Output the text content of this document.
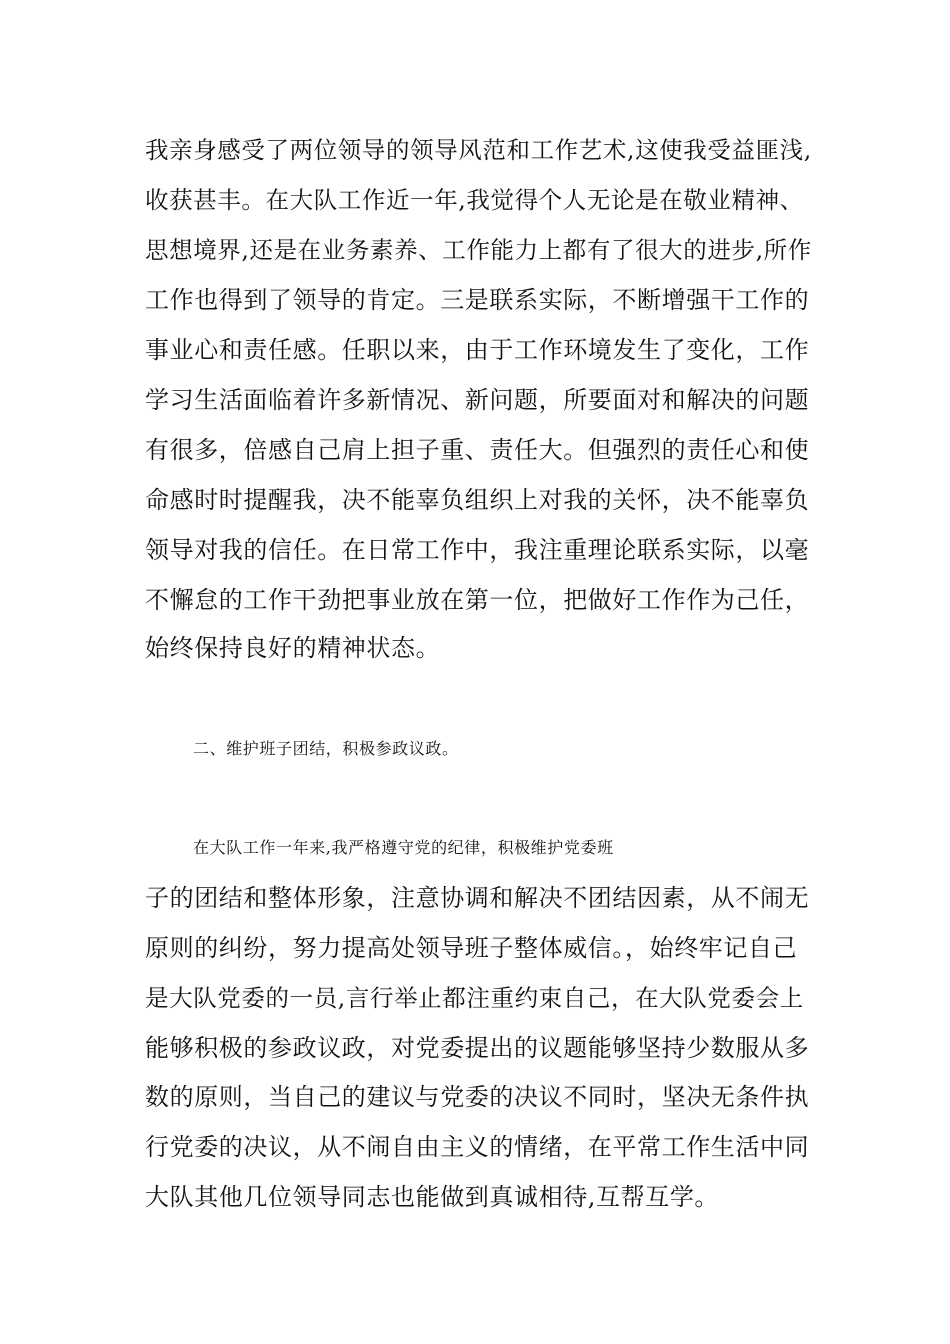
我亲身感受了两位领导的领导风范和工作艺术,这使我受益匪浅,
收获甚丰。在大队工作近一年,我觉得个人无论是在敬业精神、
思想境界,还是在业务素养、工作能力上都有了很大的进步,所作
工作也得到了领导的肯定。三是联系实际，不断增强干工作的
事业心和责任感。任职以来，由于工作环境发生了变化，工作
学习生活面临着许多新情况、新问题，所要面对和解决的问题
有很多，倍感自己肩上担子重、责任大。但强烈的责任心和使
命感时时提醒我，决不能辜负组织上对我的关怀，决不能辜负
领导对我的信任。在日常工作中，我注重理论联系实际，以毫
不懈怠的工作干劲把事业放在第一位，把做好工作作为己任，
始终保持良好的精神状态。
二、维护班子团结，积极参政议政。
在大队工作一年来,我严格遵守党的纪律，积极维护党委班
子的团结和整体形象，注意协调和解决不团结因素，从不闹无
原则的纠纷，努力提高处领导班子整体威信。，始终牢记自己
是大队党委的一员,言行举止都注重约束自己，在大队党委会上
能够积极的参政议政，对党委提出的议题能够坚持少数服从多
数的原则，当自己的建议与党委的决议不同时，坚决无条件执
行党委的决议，从不闹自由主义的情绪，在平常工作生活中同
大队其他几位领导同志也能做到真诚相待,互帮互学。
